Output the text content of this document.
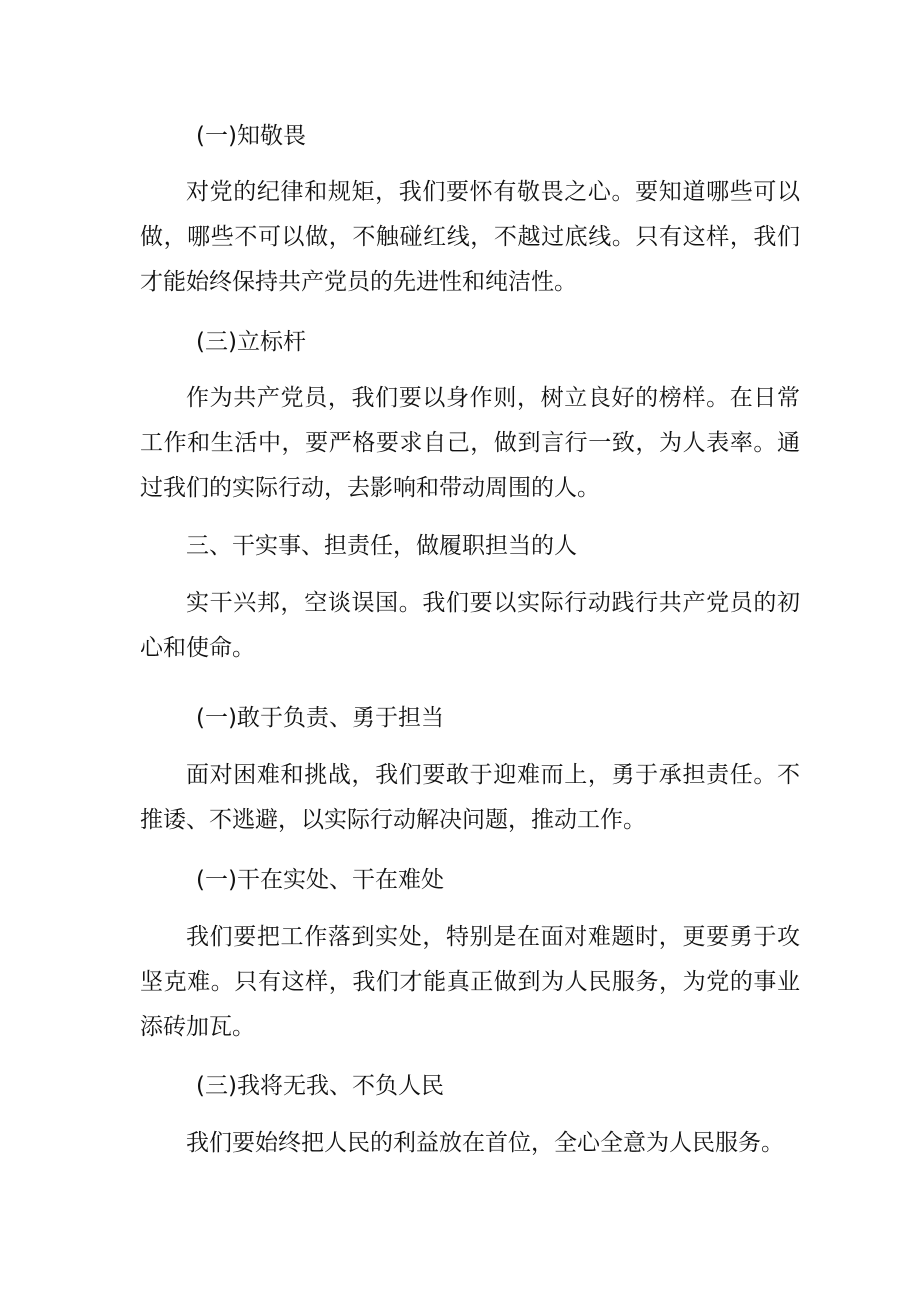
(一)知敬畏
对党的纪律和规矩，我们要怀有敬畏之心。要知道哪些可以做，哪些不可以做，不触碰红线，不越过底线。只有这样，我们才能始终保持共产党员的先进性和纯洁性。
(三)立标杆
作为共产党员，我们要以身作则，树立良好的榜样。在日常工作和生活中，要严格要求自己，做到言行一致，为人表率。通过我们的实际行动，去影响和带动周围的人。
三、干实事、担责任，做履职担当的人
实干兴邦，空谈误国。我们要以实际行动践行共产党员的初心和使命。
(一)敢于负责、勇于担当
面对困难和挑战，我们要敢于迎难而上，勇于承担责任。不推诿、不逃避，以实际行动解决问题，推动工作。
(一)干在实处、干在难处
我们要把工作落到实处，特别是在面对难题时，更要勇于攻坚克难。只有这样，我们才能真正做到为人民服务，为党的事业添砖加瓦。
(三)我将无我、不负人民
我们要始终把人民的利益放在首位，全心全意为人民服务。
